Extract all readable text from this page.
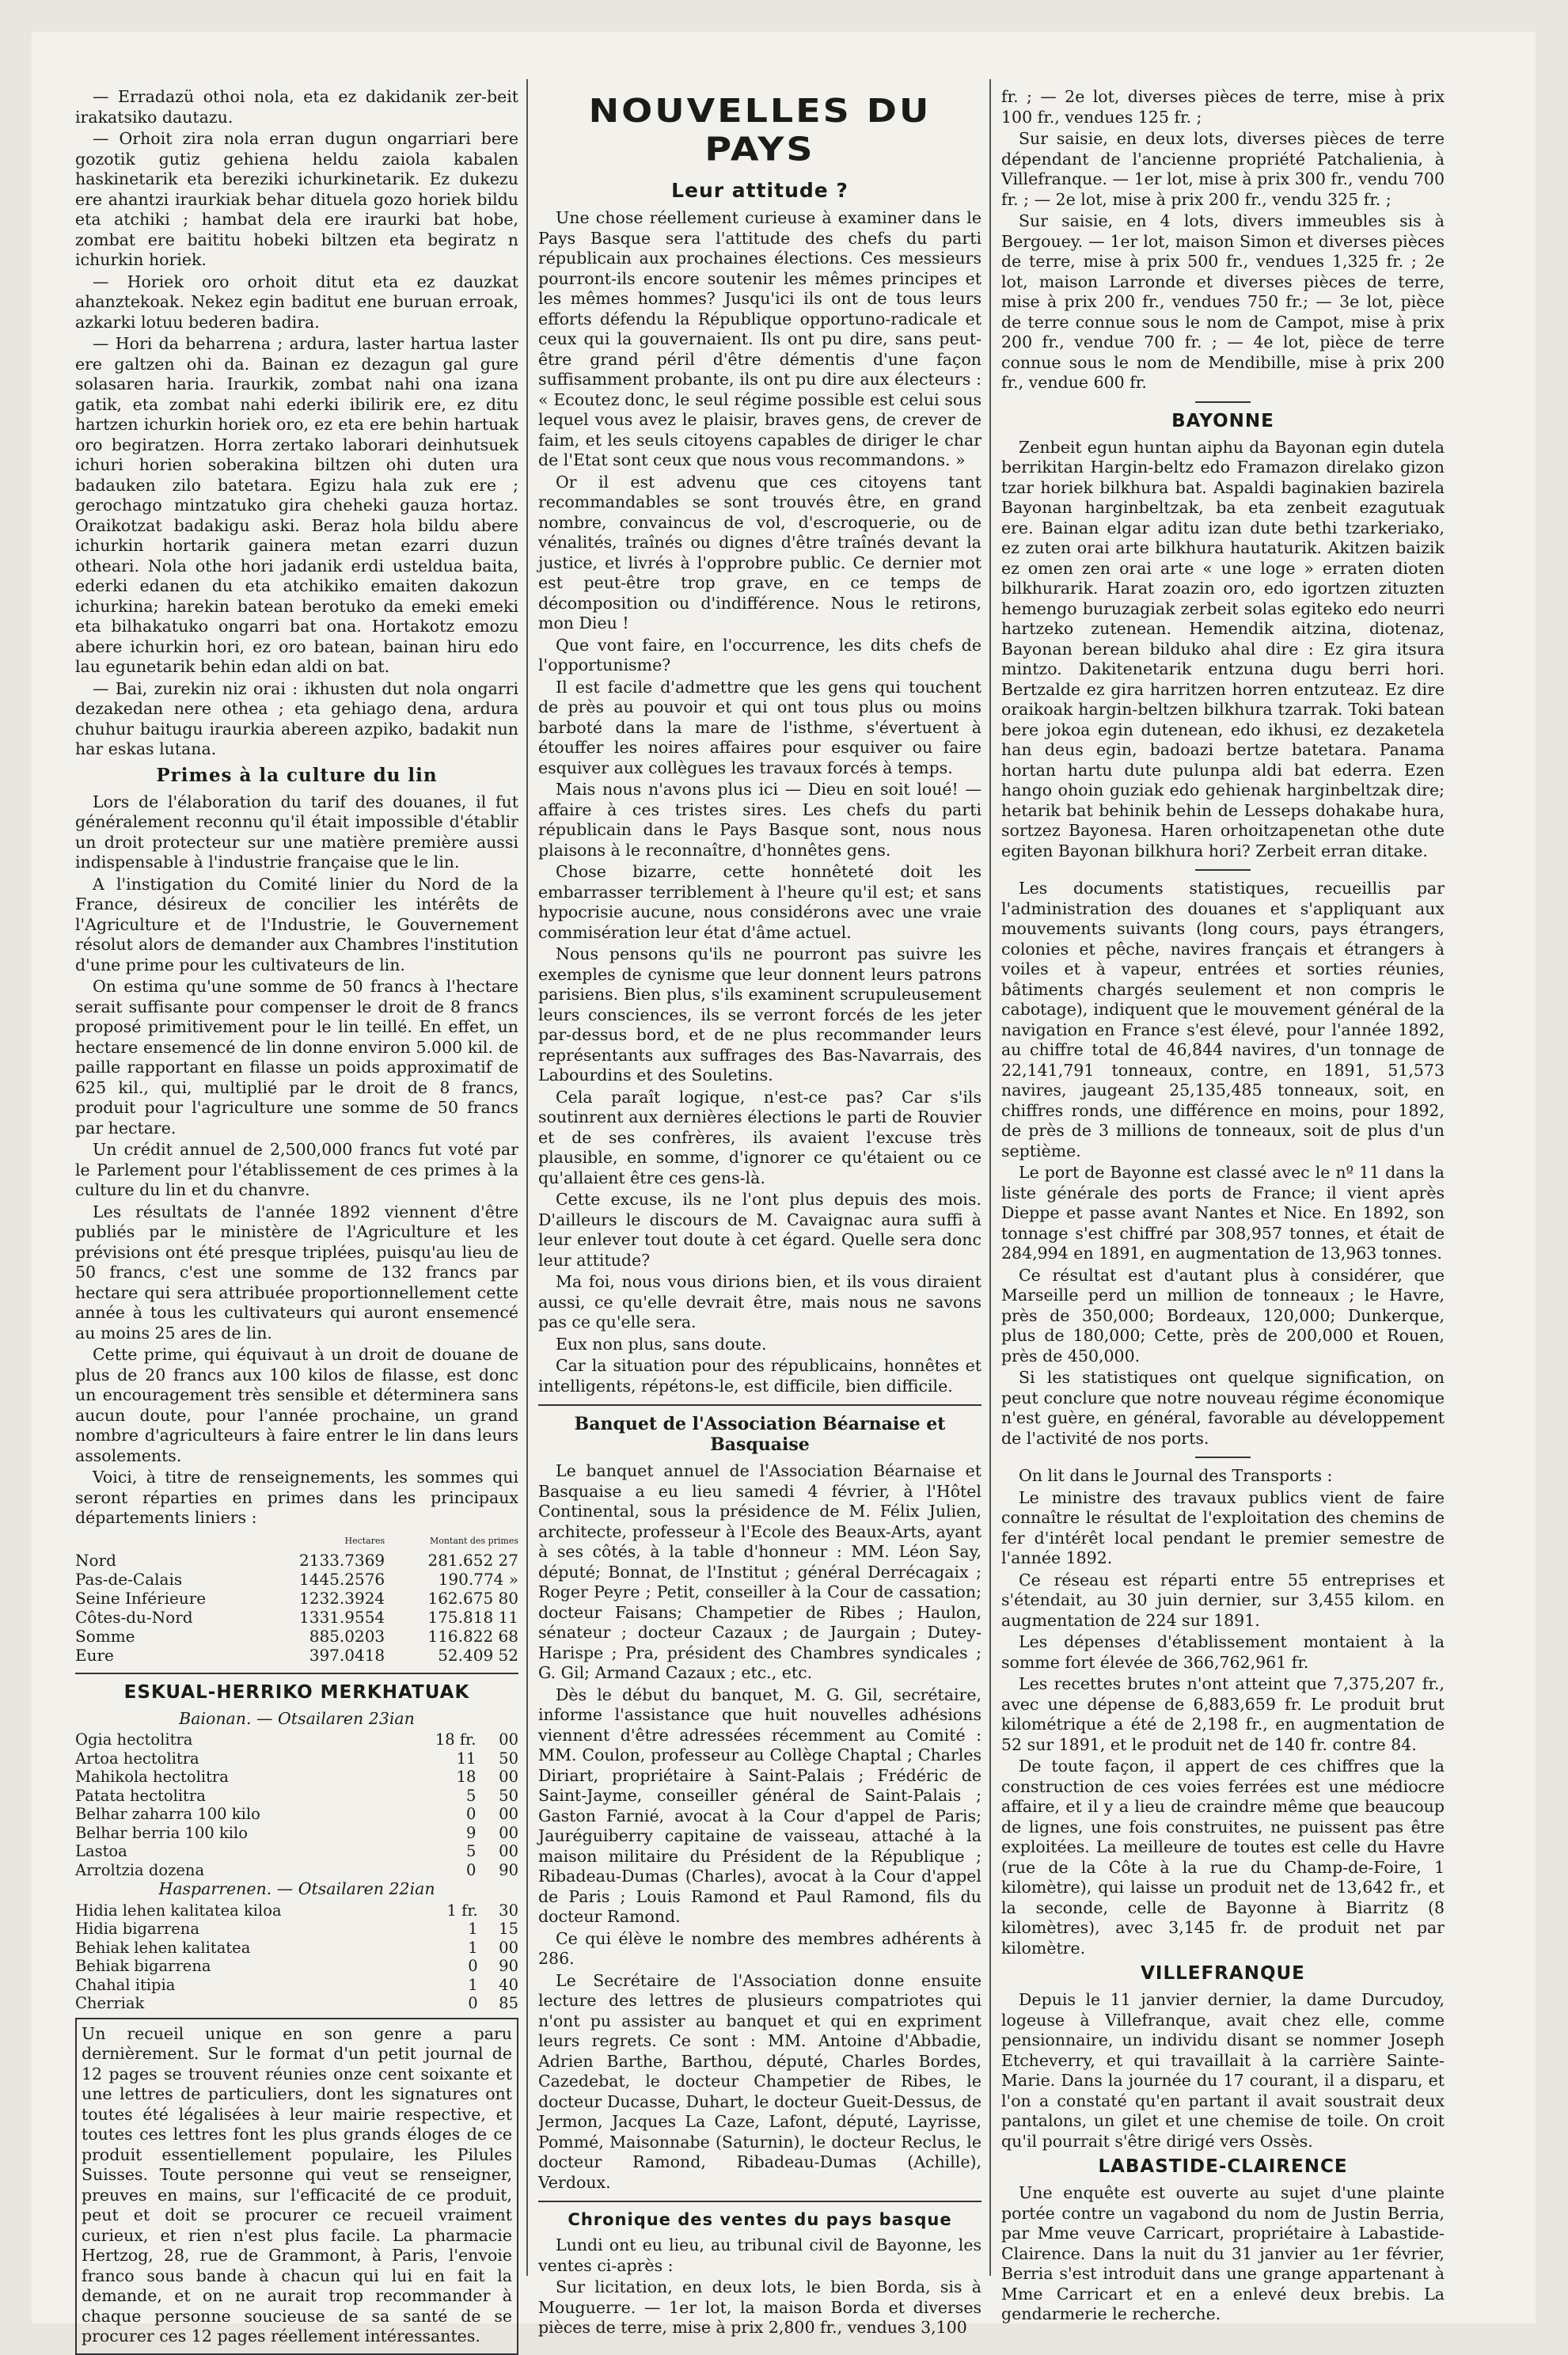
— Erradazü othoi nola, eta ez dakidanik zer-beit irakatsiko dautazu.

— Orhoit zira nola erran dugun ongarriari bere gozotik gutiz gehiena heldu zaiola kabalen haskinetarik eta bereziki ichurkinetarik. Ez dukezu ere ahantzi iraurkiak behar dituela gozo horiek bildu eta atchiki ; hambat dela ere iraurki bat hobe, zombat ere baititu hobeki biltzen eta begiratz n ichurkin horiek.

— Horiek oro orhoit ditut eta ez dauzkat ahanztekoak. Nekez egin baditut ene buruan erroak, azkarki lotuu bederen badira.

— Hori da beharrena ; ardura, laster hartua laster ere galtzen ohi da. Bainan ez dezagun gal gure solasaren haria. Iraurkik, zombat nahi ona izana gatik, eta zombat nahi ederki ibilirik ere, ez ditu hartzen ichurkin horiek oro, ez eta ere behin hartuak oro begiratzen. Horra zertako laborari deinhutsuek ichuri horien soberakina biltzen ohi duten ura badauken zilo batetara. Egizu hala zuk ere ; gerochago mintzatuko gira cheheki gauza hortaz. Oraikotzat badakigu aski. Beraz hola bildu abere ichurkin hortarik gainera metan ezarri duzun otheari. Nola othe hori jadanik erdi usteldua baita, ederki edanen du eta atchikiko emaiten dakozun ichurkina; harekin batean berotuko da emeki emeki eta bilhakatuko ongarri bat ona. Hortakotz emozu abere ichurkin hori, ez oro batean, bainan hiru edo lau egunetarik behin edan aldi on bat.

— Bai, zurekin niz orai : ikhusten dut nola ongarri dezakedan nere othea ; eta gehiago dena, ardura chuhur baitugu iraurkia abereen azpiko, badakit nun har eskas lutana.

Primes à la culture du lin

Lors de l'élaboration du tarif des douanes, il fut généralement reconnu qu'il était impossible d'établir un droit protecteur sur une matière première aussi indispensable à l'industrie française que le lin.

A l'instigation du Comité linier du Nord de la France, désireux de concilier les intérêts de l'Agriculture et de l'Industrie, le Gouvernement résolut alors de demander aux Chambres l'institution d'une prime pour les cultivateurs de lin.

On estima qu'une somme de 50 francs à l'hectare serait suffisante pour compenser le droit de 8 francs proposé primitivement pour le lin teillé. En effet, un hectare ensemencé de lin donne environ 5.000 kil. de paille rapportant en filasse un poids approximatif de 625 kil., qui, multiplié par le droit de 8 francs, produit pour l'agriculture une somme de 50 francs par hectare.

Un crédit annuel de 2,500,000 francs fut voté par le Parlement pour l'établissement de ces primes à la culture du lin et du chanvre.

Les résultats de l'année 1892 viennent d'être publiés par le ministère de l'Agriculture et les prévisions ont été presque triplées, puisqu'au lieu de 50 francs, c'est une somme de 132 francs par hectare qui sera attribuée proportionnellement cette année à tous les cultivateurs qui auront ensemencé au moins 25 ares de lin.

Cette prime, qui équivaut à un droit de douane de plus de 20 francs aux 100 kilos de filasse, est donc un encouragement très sensible et déterminera sans aucun doute, pour l'année prochaine, un grand nombre d'agriculteurs à faire entrer le lin dans leurs assolements.

Voici, à titre de renseignements, les sommes qui seront réparties en primes dans les principaux départements liniers :

	Hectares	Montant des primes
Nord	2133.7369	281.652 27
Pas-de-Calais	1445.2576	190.774 »
Seine Inférieure	1232.3924	162.675 80
Côtes-du-Nord	1331.9554	175.818 11
Somme	885.0203	116.822 68
Eure	397.0418	52.409 52
ESKUAL-HERRIKO MERKHATUAK

Baionan. — Otsailaren 23ian

Ogia hectolitra	18 fr.	00
Artoa hectolitra	11	50
Mahikola hectolitra	18	00
Patata hectolitra	5	50
Belhar zaharra 100 kilo	0	00
Belhar berria 100 kilo	9	00
Lastoa	5	00
Arroltzia dozena	0	90

Hasparrenen. — Otsailaren 22ian

Hidia lehen kalitatea kiloa	1 fr.	30
Hidia bigarrena	1	15
Behiak lehen kalitatea	1	00
Behiak bigarrena	0	90
Chahal itipia	1	40
Cherriak	0	85

Un recueil unique en son genre a paru dernièrement. Sur le format d'un petit journal de 12 pages se trouvent réunies onze cent soixante et une lettres de particuliers, dont les signatures ont toutes été légalisées à leur mairie respective, et toutes ces lettres font les plus grands éloges de ce produit essentiellement populaire, les Pilules Suisses. Toute personne qui veut se renseigner, preuves en mains, sur l'efficacité de ce produit, peut et doit se procurer ce recueil vraiment curieux, et rien n'est plus facile. La pharmacie Hertzog, 28, rue de Grammont, à Paris, l'envoie franco sous bande à chacun qui lui en fait la demande, et on ne aurait trop recommander à chaque personne soucieuse de sa santé de se procurer ces 12 pages réellement intéressantes.

NOUVELLES DU PAYS
Leur attitude ?

Une chose réellement curieuse à examiner dans le Pays Basque sera l'attitude des chefs du parti républicain aux prochaines élections. Ces messieurs pourront-ils encore soutenir les mêmes principes et les mêmes hommes? Jusqu'ici ils ont de tous leurs efforts défendu la République opportuno-radicale et ceux qui la gouvernaient. Ils ont pu dire, sans peut-être grand péril d'être démentis d'une façon suffisamment probante, ils ont pu dire aux électeurs : « Ecoutez donc, le seul régime possible est celui sous lequel vous avez le plaisir, braves gens, de crever de faim, et les seuls citoyens capables de diriger le char de l'Etat sont ceux que nous vous recommandons. »

Or il est advenu que ces citoyens tant recommandables se sont trouvés être, en grand nombre, convaincus de vol, d'escroquerie, ou de vénalités, traînés ou dignes d'être traînés devant la justice, et livrés à l'opprobre public. Ce dernier mot est peut-être trop grave, en ce temps de décomposition ou d'indifférence. Nous le retirons, mon Dieu !

Que vont faire, en l'occurrence, les dits chefs de l'opportunisme?

Il est facile d'admettre que les gens qui touchent de près au pouvoir et qui ont tous plus ou moins barboté dans la mare de l'isthme, s'évertuent à étouffer les noires affaires pour esquiver ou faire esquiver aux collègues les travaux forcés à temps.

Mais nous n'avons plus ici — Dieu en soit loué! — affaire à ces tristes sires. Les chefs du parti républicain dans le Pays Basque sont, nous nous plaisons à le reconnaître, d'honnêtes gens.

Chose bizarre, cette honnêteté doit les embarrasser terriblement à l'heure qu'il est; et sans hypocrisie aucune, nous considérons avec une vraie commisération leur état d'âme actuel.

Nous pensons qu'ils ne pourront pas suivre les exemples de cynisme que leur donnent leurs patrons parisiens. Bien plus, s'ils examinent scrupuleusement leurs consciences, ils se verront forcés de les jeter par-dessus bord, et de ne plus recommander leurs représentants aux suffrages des Bas-Navarrais, des Labourdins et des Souletins.

Cela paraît logique, n'est-ce pas? Car s'ils soutinrent aux dernières élections le parti de Rouvier et de ses confrères, ils avaient l'excuse très plausible, en somme, d'ignorer ce qu'étaient ou ce qu'allaient être ces gens-là.

Cette excuse, ils ne l'ont plus depuis des mois. D'ailleurs le discours de M. Cavaignac aura suffi à leur enlever tout doute à cet égard. Quelle sera donc leur attitude?

Ma foi, nous vous dirions bien, et ils vous diraient aussi, ce qu'elle devrait être, mais nous ne savons pas ce qu'elle sera.

Eux non plus, sans doute.

Car la situation pour des républicains, honnêtes et intelligents, répétons-le, est difficile, bien difficile.

Banquet de l'Association Béarnaise et Basquaise

Le banquet annuel de l'Association Béarnaise et Basquaise a eu lieu samedi 4 février, à l'Hôtel Continental, sous la présidence de M. Félix Julien, architecte, professeur à l'Ecole des Beaux-Arts, ayant à ses côtés, à la table d'honneur : MM. Léon Say, député; Bonnat, de l'Institut ; général Derrécagaix ; Roger Peyre ; Petit, conseiller à la Cour de cassation; docteur Faisans; Champetier de Ribes ; Haulon, sénateur ; docteur Cazaux ; de Jaurgain ; Dutey-Harispe ; Pra, président des Chambres syndicales ; G. Gil; Armand Cazaux ; etc., etc.

Dès le début du banquet, M. G. Gil, secrétaire, informe l'assistance que huit nouvelles adhésions viennent d'être adressées récemment au Comité : MM. Coulon, professeur au Collège Chaptal ; Charles Diriart, propriétaire à Saint-Palais ; Frédéric de Saint-Jayme, conseiller général de Saint-Palais ; Gaston Farnié, avocat à la Cour d'appel de Paris; Jauréguiberry capitaine de vaisseau, attaché à la maison militaire du Président de la République ; Ribadeau-Dumas (Charles), avocat à la Cour d'appel de Paris ; Louis Ramond et Paul Ramond, fils du docteur Ramond.

Ce qui élève le nombre des membres adhérents à 286.

Le Secrétaire de l'Association donne ensuite lecture des lettres de plusieurs compatriotes qui n'ont pu assister au banquet et qui en expriment leurs regrets. Ce sont : MM. Antoine d'Abbadie, Adrien Barthe, Barthou, député, Charles Bordes, Cazedebat, le docteur Champetier de Ribes, le docteur Ducasse, Duhart, le docteur Gueit-Dessus, de Jermon, Jacques La Caze, Lafont, député, Layrisse, Pommé, Maisonnabe (Saturnin), le docteur Reclus, le docteur Ramond, Ribadeau-Dumas (Achille), Verdoux.

Chronique des ventes du pays basque

Lundi ont eu lieu, au tribunal civil de Bayonne, les ventes ci-après :

Sur licitation, en deux lots, le bien Borda, sis à Mouguerre. — 1er lot, la maison Borda et diverses pièces de terre, mise à prix 2,800 fr., vendues 3,100

fr. ; — 2e lot, diverses pièces de terre, mise à prix 100 fr., vendues 125 fr. ;

Sur saisie, en deux lots, diverses pièces de terre dépendant de l'ancienne propriété Patchalienia, à Villefranque. — 1er lot, mise à prix 300 fr., vendu 700 fr. ; — 2e lot, mise à prix 200 fr., vendu 325 fr. ;

Sur saisie, en 4 lots, divers immeubles sis à Bergouey. — 1er lot, maison Simon et diverses pièces de terre, mise à prix 500 fr., vendues 1,325 fr. ; 2e lot, maison Larronde et diverses pièces de terre, mise à prix 200 fr., vendues 750 fr.; — 3e lot, pièce de terre connue sous le nom de Campot, mise à prix 200 fr., vendue 700 fr. ; — 4e lot, pièce de terre connue sous le nom de Mendibille, mise à prix 200 fr., vendue 600 fr.

BAYONNE

Zenbeit egun huntan aiphu da Bayonan egin dutela berrikitan Hargin-beltz edo Framazon direlako gizon tzar horiek bilkhura bat. Aspaldi baginakien bazirela Bayonan harginbeltzak, ba eta zenbeit ezagutuak ere. Bainan elgar aditu izan dute bethi tzarkeriako, ez zuten orai arte bilkhura hautaturik. Akitzen baizik ez omen zen orai arte « une loge » erraten dioten bilkhurarik. Harat zoazin oro, edo igortzen zituzten hemengo buruzagiak zerbeit solas egiteko edo neurri hartzeko zutenean. Hemendik aitzina, diotenaz, Bayonan berean bilduko ahal dire : Ez gira itsura mintzo. Dakitenetarik entzuna dugu berri hori. Bertzalde ez gira harritzen horren entzuteaz. Ez dire oraikoak hargin-beltzen bilkhura tzarrak. Toki batean bere jokoa egin dutenean, edo ikhusi, ez dezaketela han deus egin, badoazi bertze batetara. Panama hortan hartu dute pulunpa aldi bat ederra. Ezen hango ohoin guziak edo gehienak harginbeltzak dire; hetarik bat behinik behin de Lesseps dohakabe hura, sortzez Bayonesa. Haren orhoitzapenetan othe dute egiten Bayonan bilkhura hori? Zerbeit erran ditake.

Les documents statistiques, recueillis par l'administration des douanes et s'appliquant aux mouvements suivants (long cours, pays étrangers, colonies et pêche, navires français et étrangers à voiles et à vapeur, entrées et sorties réunies, bâtiments chargés seulement et non compris le cabotage), indiquent que le mouvement général de la navigation en France s'est élevé, pour l'année 1892, au chiffre total de 46,844 navires, d'un tonnage de 22,141,791 tonneaux, contre, en 1891, 51,573 navires, jaugeant 25,135,485 tonneaux, soit, en chiffres ronds, une différence en moins, pour 1892, de près de 3 millions de tonneaux, soit de plus d'un septième.

Le port de Bayonne est classé avec le nº 11 dans la liste générale des ports de France; il vient après Dieppe et passe avant Nantes et Nice. En 1892, son tonnage s'est chiffré par 308,957 tonnes, et était de 284,994 en 1891, en augmentation de 13,963 tonnes.

Ce résultat est d'autant plus à considérer, que Marseille perd un million de tonneaux ; le Havre, près de 350,000; Bordeaux, 120,000; Dunkerque, plus de 180,000; Cette, près de 200,000 et Rouen, près de 450,000.

Si les statistiques ont quelque signification, on peut conclure que notre nouveau régime économique n'est guère, en général, favorable au développement de l'activité de nos ports.

On lit dans le Journal des Transports :

Le ministre des travaux publics vient de faire connaître le résultat de l'exploitation des chemins de fer d'intérêt local pendant le premier semestre de l'année 1892.

Ce réseau est réparti entre 55 entreprises et s'étendait, au 30 juin dernier, sur 3,455 kilom. en augmentation de 224 sur 1891.

Les dépenses d'établissement montaient à la somme fort élevée de 366,762,961 fr.

Les recettes brutes n'ont atteint que 7,375,207 fr., avec une dépense de 6,883,659 fr. Le produit brut kilométrique a été de 2,198 fr., en augmentation de 52 sur 1891, et le produit net de 140 fr. contre 84.

De toute façon, il appert de ces chiffres que la construction de ces voies ferrées est une médiocre affaire, et il y a lieu de craindre même que beaucoup de lignes, une fois construites, ne puissent pas être exploitées. La meilleure de toutes est celle du Havre (rue de la Côte à la rue du Champ-de-Foire, 1 kilomètre), qui laisse un produit net de 13,642 fr., et la seconde, celle de Bayonne à Biarritz (8 kilomètres), avec 3,145 fr. de produit net par kilomètre.

VILLEFRANQUE

Depuis le 11 janvier dernier, la dame Durcudoy, logeuse à Villefranque, avait chez elle, comme pensionnaire, un individu disant se nommer Joseph Etcheverry, et qui travaillait à la carrière Sainte-Marie. Dans la journée du 17 courant, il a disparu, et l'on a constaté qu'en partant il avait soustrait deux pantalons, un gilet et une chemise de toile. On croit qu'il pourrait s'être dirigé vers Ossès.

LABASTIDE-CLAIRENCE

Une enquête est ouverte au sujet d'une plainte portée contre un vagabond du nom de Justin Berria, par Mme veuve Carricart, propriétaire à Labastide-Clairence. Dans la nuit du 31 janvier au 1er février, Berria s'est introduit dans une grange appartenant à Mme Carricart et en a enlevé deux brebis. La gendarmerie le recherche.
